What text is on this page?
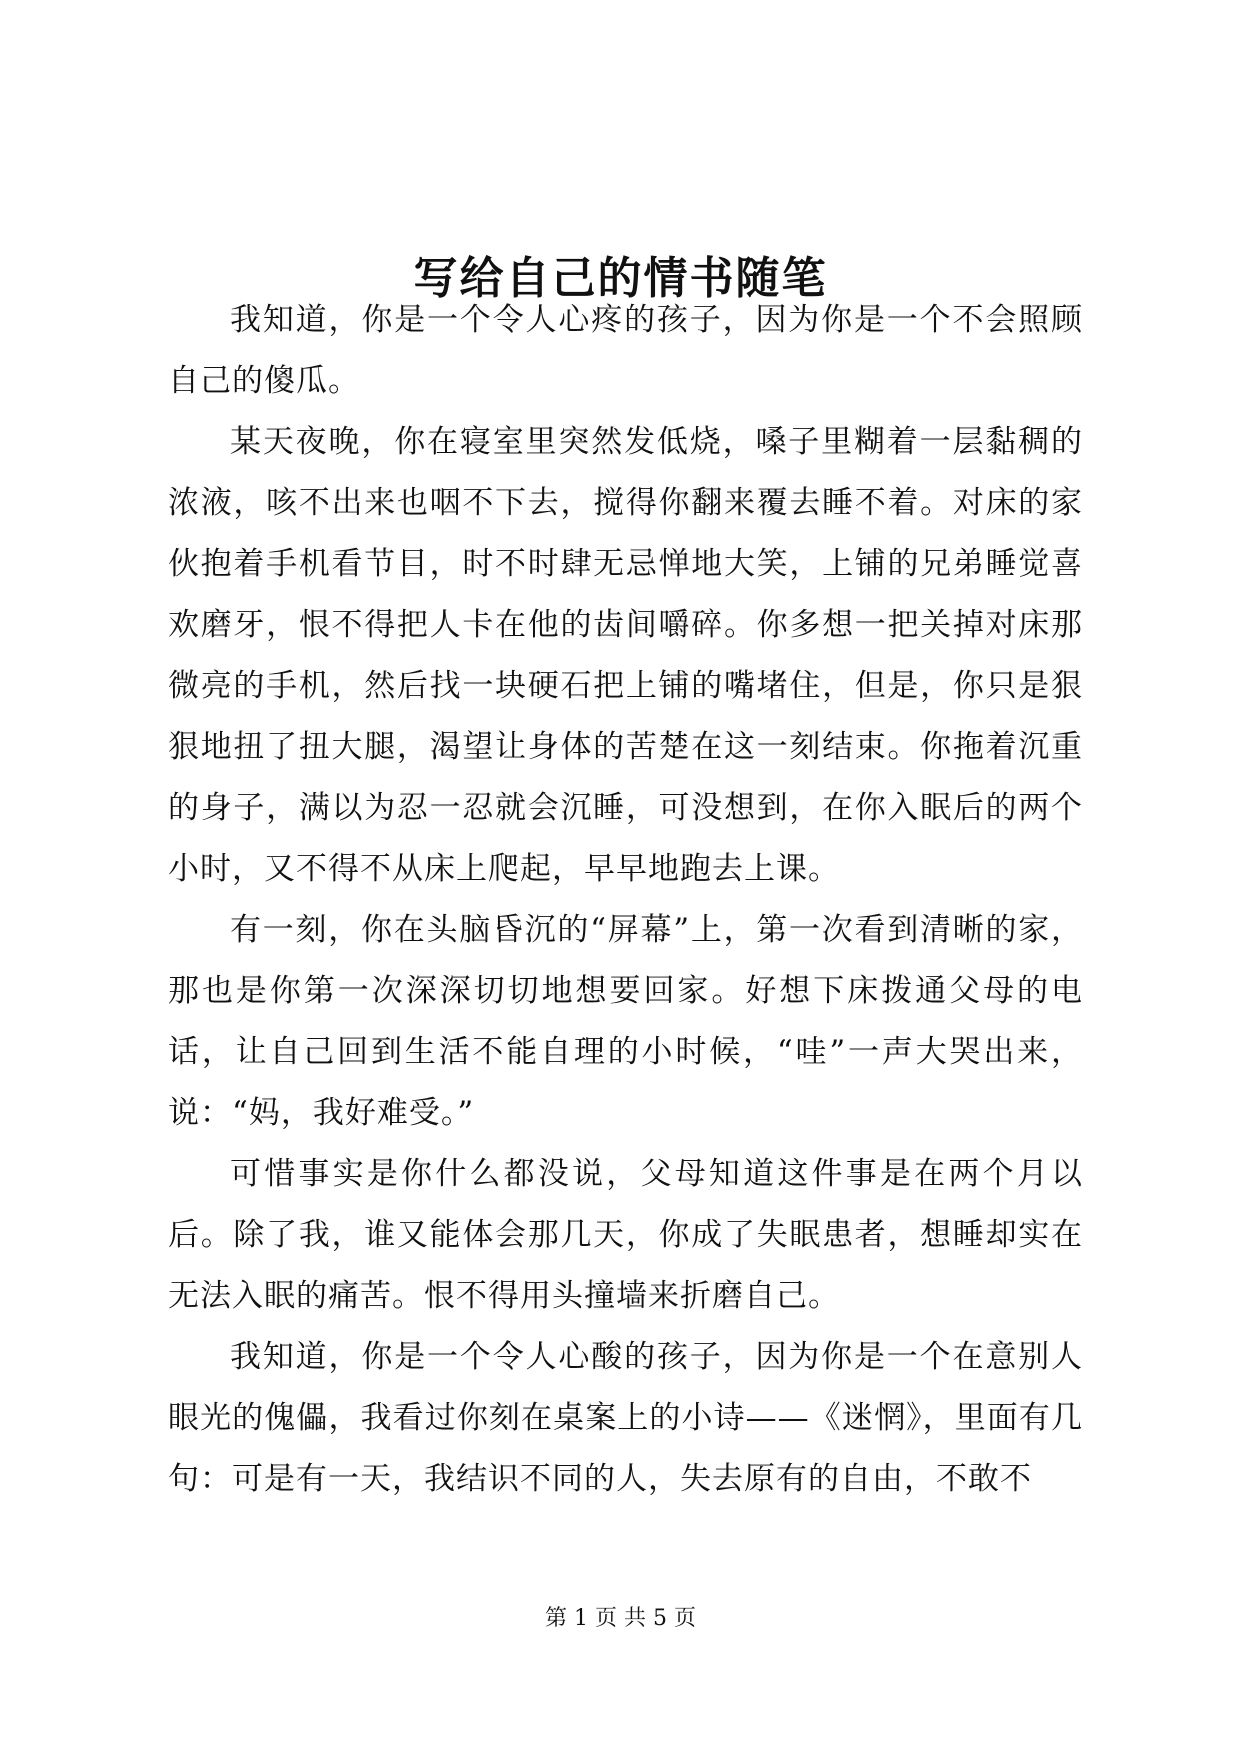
写给自己的情书随笔

我知道，你是一个令人心疼的孩子，因为你是一个不会照顾自己的傻瓜。

某天夜晚，你在寝室里突然发低烧，嗓子里糊着一层黏稠的浓液，咳不出来也咽不下去，搅得你翻来覆去睡不着。对床的家伙抱着手机看节目，时不时肆无忌惮地大笑，上铺的兄弟睡觉喜欢磨牙，恨不得把人卡在他的齿间嚼碎。你多想一把关掉对床那微亮的手机，然后找一块硬石把上铺的嘴堵住，但是，你只是狠狠地扭了扭大腿，渴望让身体的苦楚在这一刻结束。你拖着沉重的身子，满以为忍一忍就会沉睡，可没想到，在你入眠后的两个小时，又不得不从床上爬起，早早地跑去上课。

有一刻，你在头脑昏沉的“屏幕”上，第一次看到清晰的家，那也是你第一次深深切切地想要回家。好想下床拨通父母的电话，让自己回到生活不能自理的小时候，“哇”一声大哭出来，说：“妈，我好难受。”

可惜事实是你什么都没说，父母知道这件事是在两个月以后。除了我，谁又能体会那几天，你成了失眠患者，想睡却实在无法入眠的痛苦。恨不得用头撞墙来折磨自己。

我知道，你是一个令人心酸的孩子，因为你是一个在意别人眼光的傀儡，我看过你刻在桌案上的小诗——《迷惘》，里面有几句：可是有一天，我结识不同的人，失去原有的自由，不敢不

第 1 页 共 5 页
